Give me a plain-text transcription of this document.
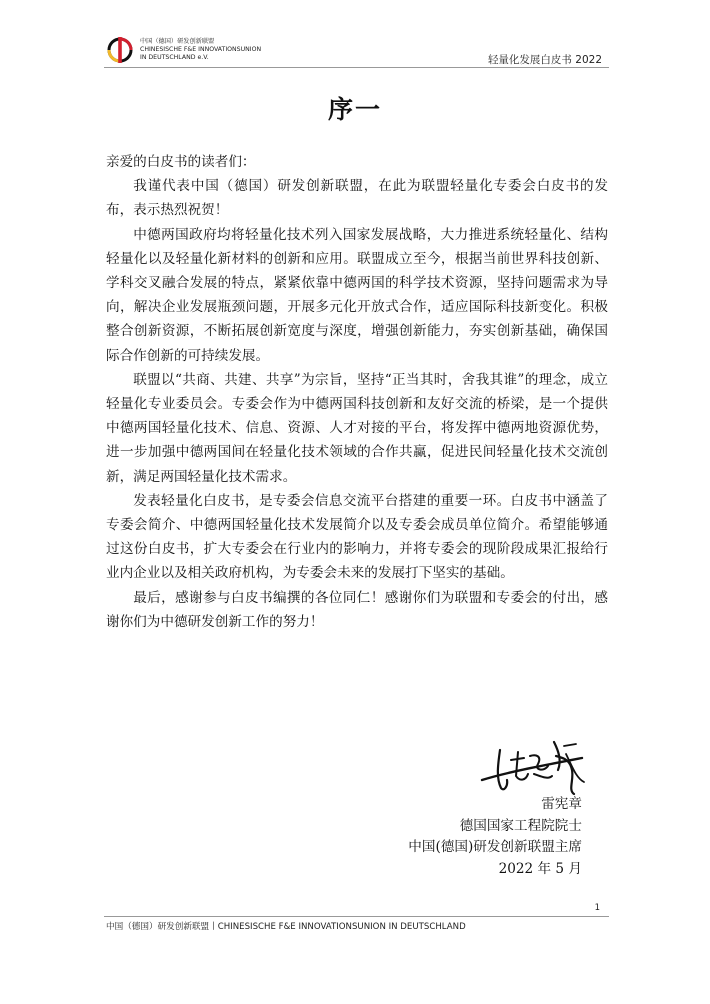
中国（德国）研发创新联盟
CHINESISCHE F&E INNOVATIONSUNION
IN DEUTSCHLAND e.V.	轻量化发展白皮书 2022
序一

亲爱的白皮书的读者们：

我谨代表中国（德国）研发创新联盟，在此为联盟轻量化专委会白皮书的发布，表示热烈祝贺！

中德两国政府均将轻量化技术列入国家发展战略，大力推进系统轻量化、结构轻量化以及轻量化新材料的创新和应用。联盟成立至今，根据当前世界科技创新、学科交叉融合发展的特点，紧紧依靠中德两国的科学技术资源，坚持问题需求为导向，解决企业发展瓶颈问题，开展多元化开放式合作，适应国际科技新变化。积极整合创新资源，不断拓展创新宽度与深度，增强创新能力，夯实创新基础，确保国际合作创新的可持续发展。

联盟以“共商、共建、共享”为宗旨，坚持“正当其时，舍我其谁”的理念，成立轻量化专业委员会。专委会作为中德两国科技创新和友好交流的桥梁，是一个提供中德两国轻量化技术、信息、资源、人才对接的平台，将发挥中德两地资源优势，进一步加强中德两国间在轻量化技术领域的合作共赢，促进民间轻量化技术交流创新，满足两国轻量化技术需求。

发表轻量化白皮书，是专委会信息交流平台搭建的重要一环。白皮书中涵盖了专委会简介、中德两国轻量化技术发展简介以及专委会成员单位简介。希望能够通过这份白皮书，扩大专委会在行业内的影响力，并将专委会的现阶段成果汇报给行业内企业以及相关政府机构，为专委会未来的发展打下坚实的基础。

最后，感谢参与白皮书编撰的各位同仁！感谢你们为联盟和专委会的付出，感谢你们为中德研发创新工作的努力！

雷宪章
德国国家工程院院士
中国(德国)研发创新联盟主席
2022 年 5 月
1
中国（德国）研发创新联盟丨CHINESISCHE F&E INNOVATIONSUNION IN DEUTSCHLAND
